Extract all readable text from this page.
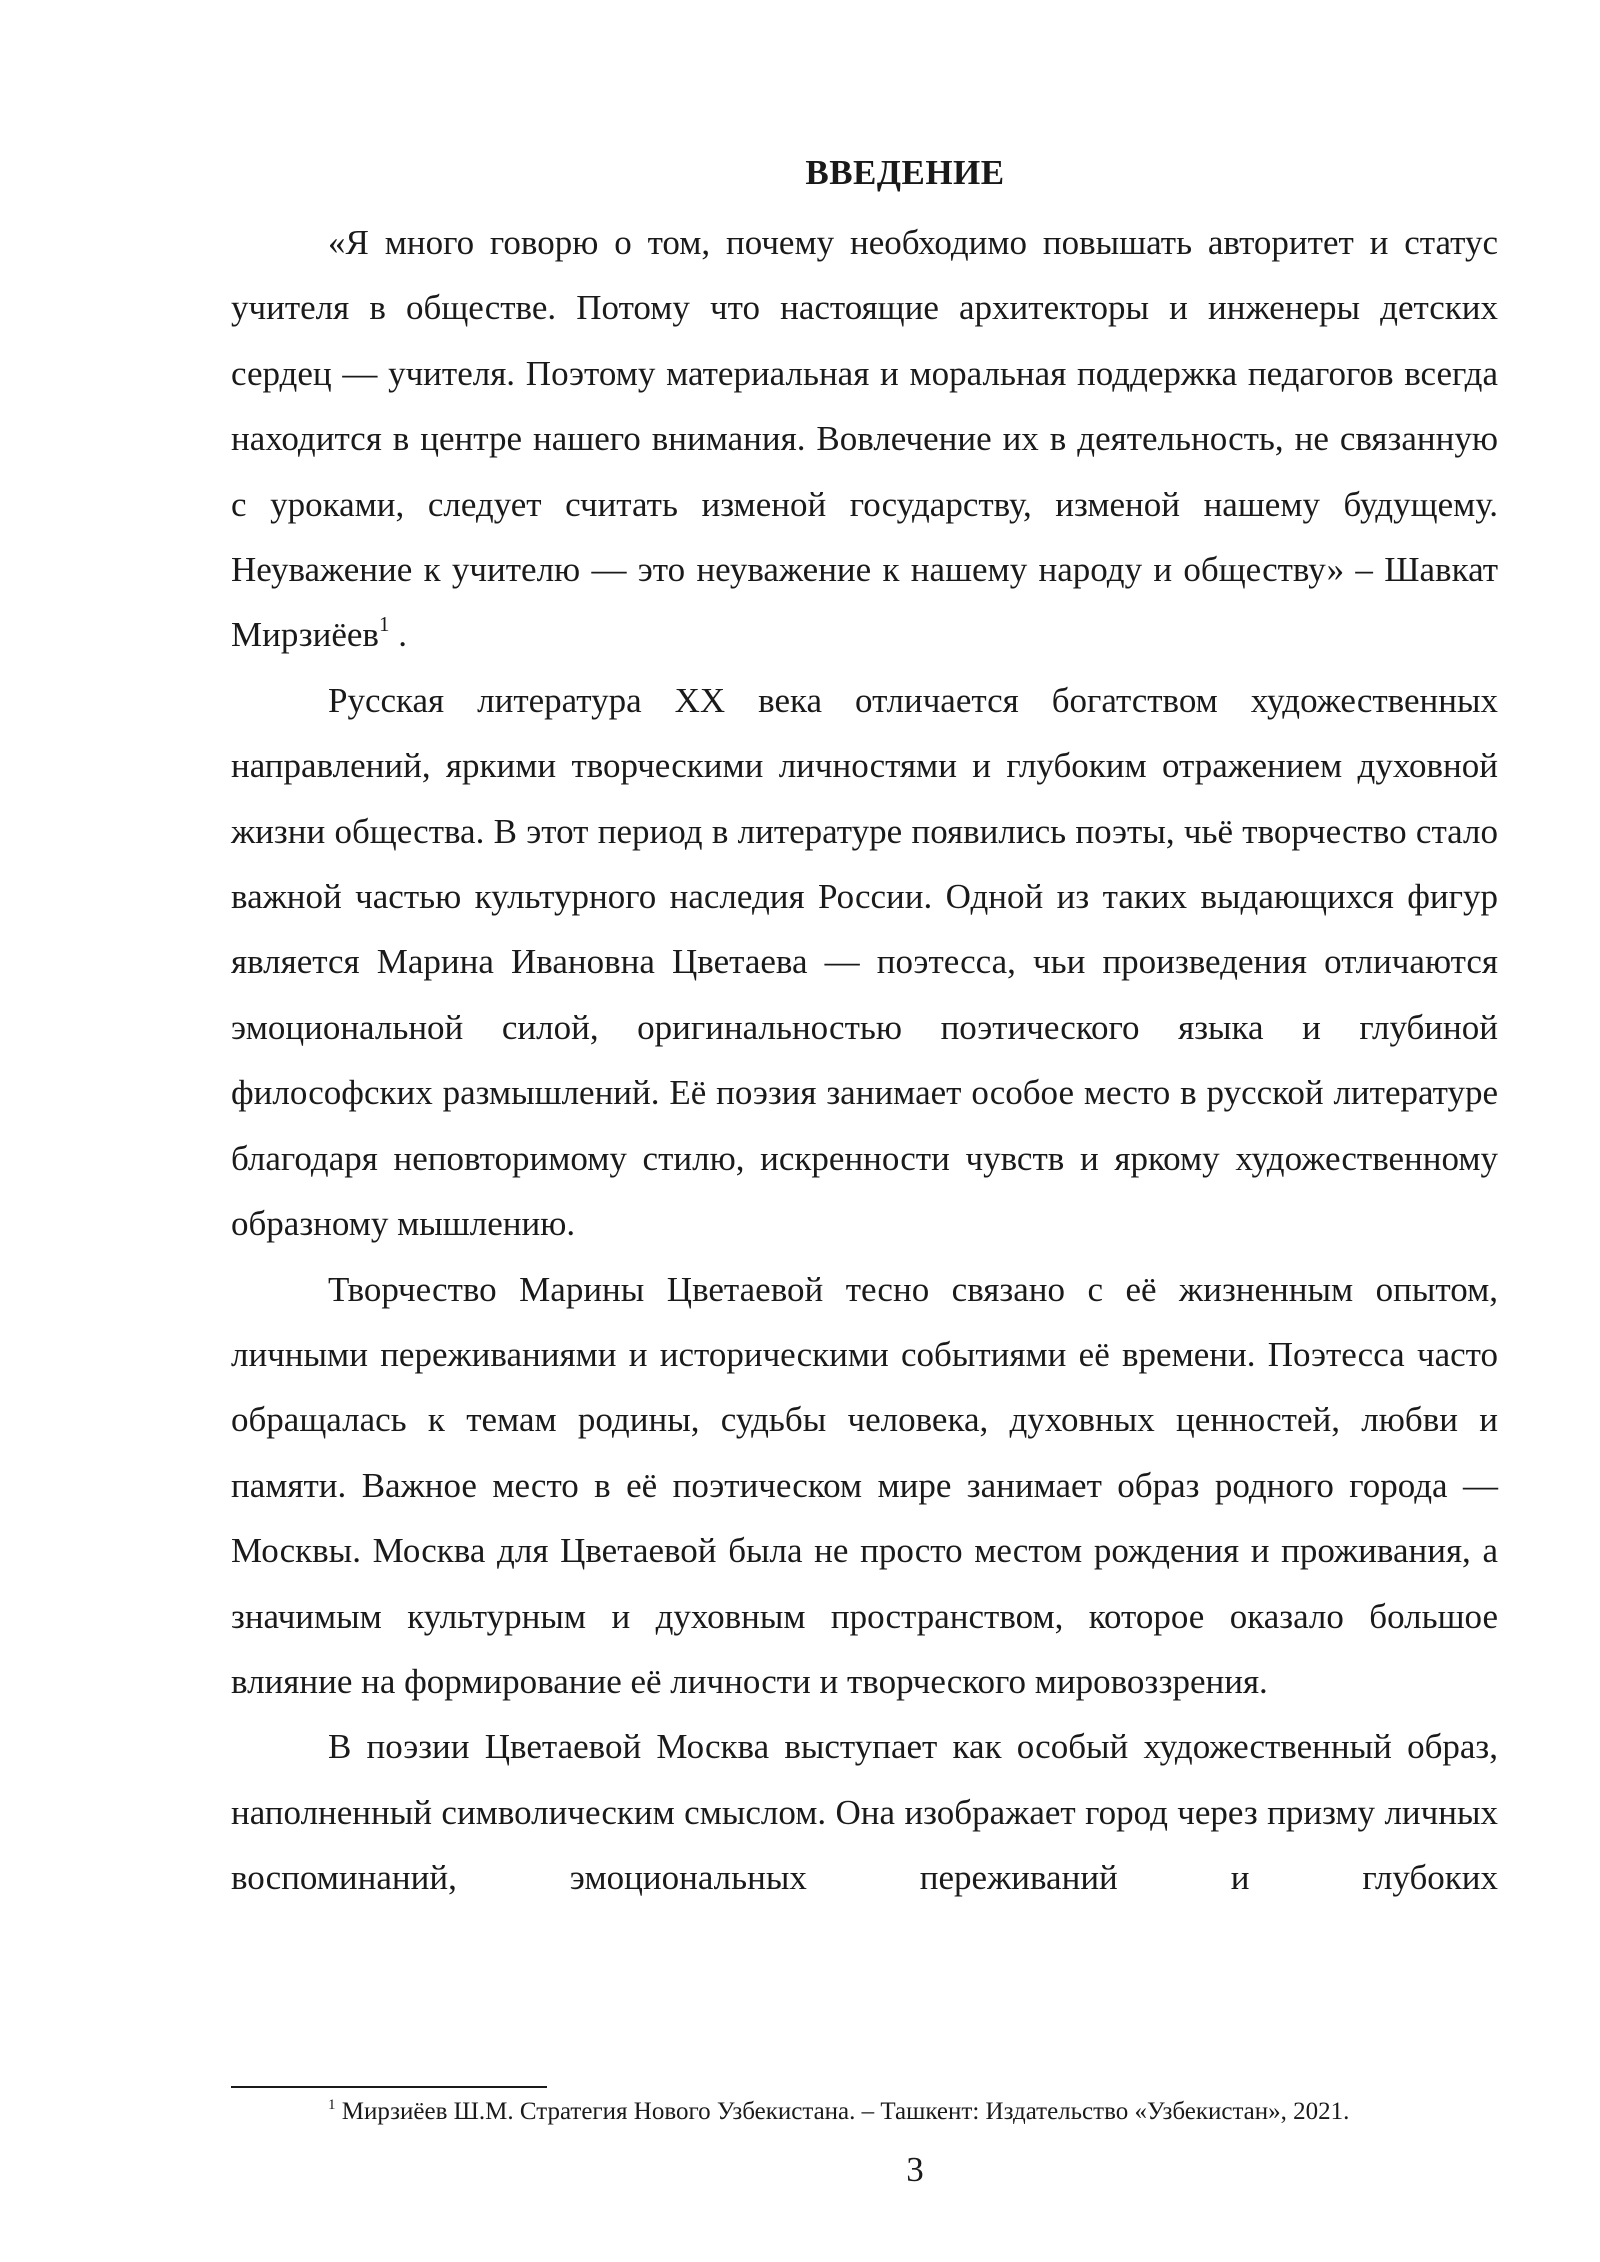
ВВЕДЕНИЕ

«Я много говорю о том, почему необходимо повышать авторитет и статус учителя в обществе. Потому что настоящие архитекторы и инженеры детских сердец — учителя. Поэтому материальная и моральная поддержка педагогов всегда находится в центре нашего внимания. Вовлечение их в деятельность, не связанную с уроками, следует считать изменой государству, изменой нашему будущему. Неуважение к учителю — это неуважение к нашему народу и обществу» – Шавкат Мирзиёев$^1$ .

Русская литература XX века отличается богатством художественных направлений, яркими творческими личностями и глубоким отражением духовной жизни общества. В этот период в литературе появились поэты, чьё творчество стало важной частью культурного наследия России. Одной из таких выдающихся фигур является Марина Ивановна Цветаева — поэтесса, чьи произведения отличаются эмоциональной силой, оригинальностью поэтического языка и глубиной философских размышлений. Её поэзия занимает особое место в русской литературе благодаря неповторимому стилю, искренности чувств и яркому художественному образному мышлению.

Творчество Марины Цветаевой тесно связано с её жизненным опытом, личными переживаниями и историческими событиями её времени. Поэтесса часто обращалась к темам родины, судьбы человека, духовных ценностей, любви и памяти. Важное место в её поэтическом мире занимает образ родного города — Москвы. Москва для Цветаевой была не просто местом рождения и проживания, а значимым культурным и духовным пространством, которое оказало большое влияние на формирование её личности и творческого мировоззрения.

В поэзии Цветаевой Москва выступает как особый художественный образ, наполненный символическим смыслом. Она изображает город через призму личных воспоминаний, эмоциональных переживаний и глубоких

$^1$ Мирзиёев Ш.М. Стратегия Нового Узбекистана. – Ташкент: Издательство «Узбекистан», 2021.
3
